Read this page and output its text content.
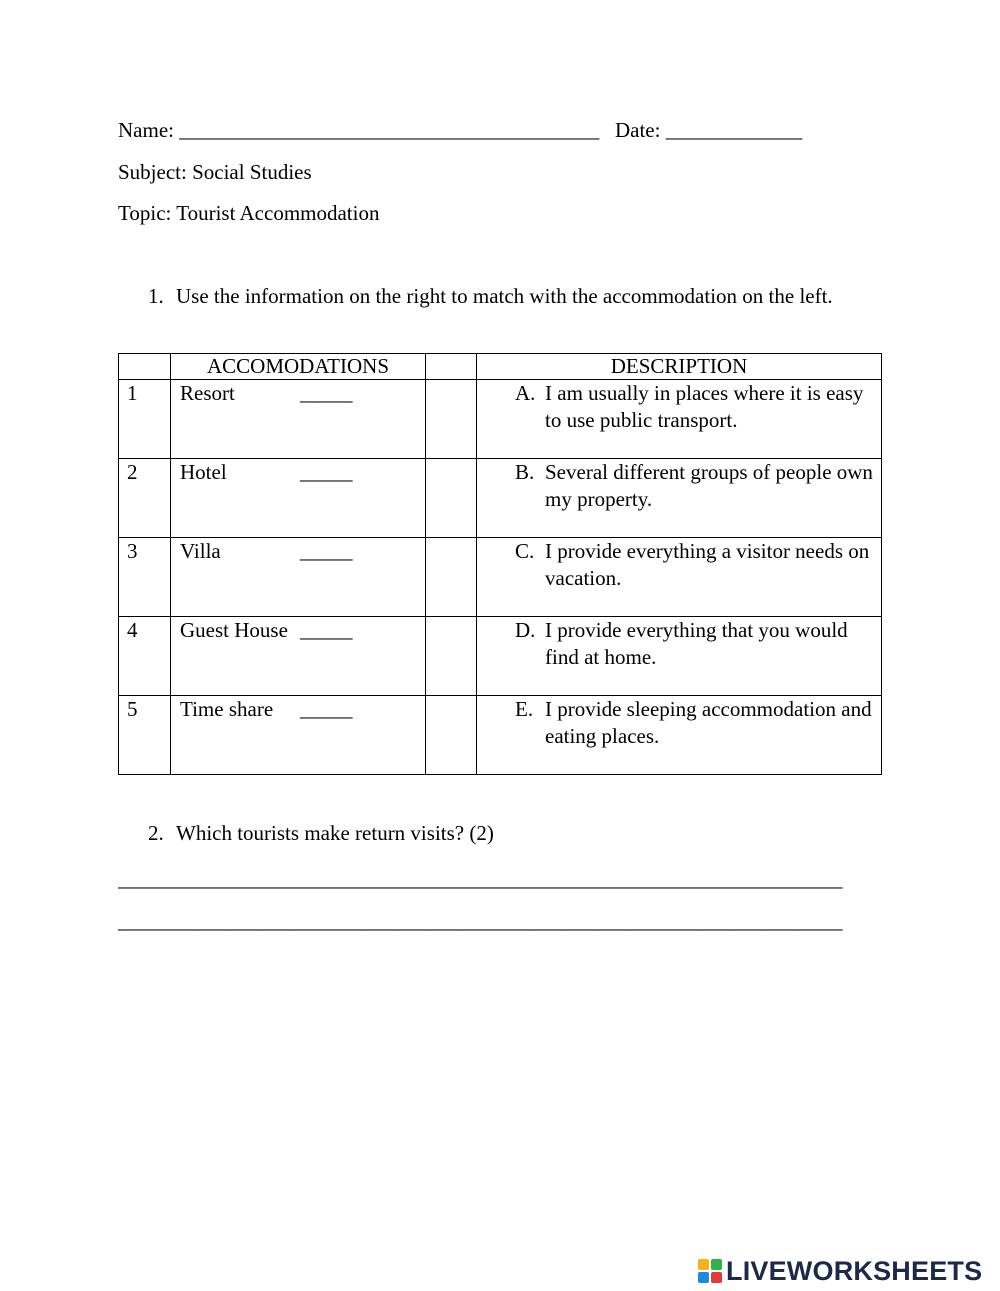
Name: ________________________________________ Date: _____________
Subject: Social Studies
Topic: Tourist Accommodation
1. Use the information on the right to match with the accommodation on the left.
	ACCOMODATIONS		DESCRIPTION
1	Resort _____		A. I am usually in places where it is easy to use public transport.

2	Hotel _____		B. Several different groups of people own my property.

3	Villa _____		C. I provide everything a visitor needs on vacation.

4	Guest House _____		D. I provide everything that you would find at home.

5	Time share _____		E. I provide sleeping accommodation and eating places.
2. Which tourists make return visits? (2)
_____________________________________________________________________
_____________________________________________________________________
LIVEWORKSHEETS
